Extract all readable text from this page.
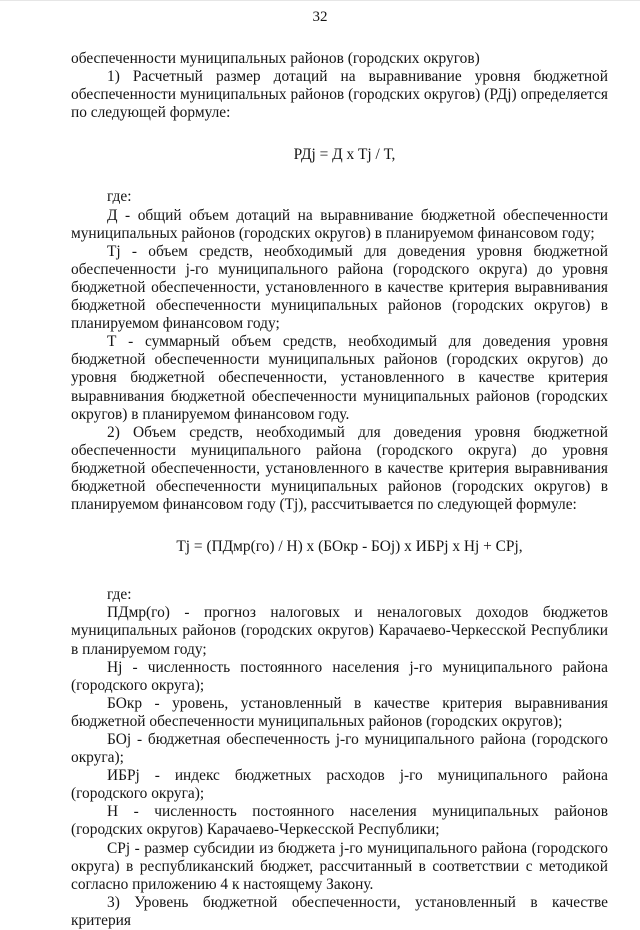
32

обеспеченности муниципальных районов (городских округов)

1) Расчетный размер дотаций на выравнивание уровня бюджетной обеспеченности муниципальных районов (городских округов) (РДj) определяется по следующей формуле:

РДj = Д х Тj / Т,

где:

Д - общий объем дотаций на выравнивание бюджетной обеспеченности муниципальных районов (городских округов) в планируемом финансовом году;

Тj - объем средств, необходимый для доведения уровня бюджетной обеспеченности j-го муниципального района (городского округа) до уровня бюджетной обеспеченности, установленного в качестве критерия выравнивания бюджетной обеспеченности муниципальных районов (городских округов) в планируемом финансовом году;

Т - суммарный объем средств, необходимый для доведения уровня бюджетной обеспеченности муниципальных районов (городских округов) до уровня бюджетной обеспеченности, установленного в качестве критерия выравнивания бюджетной обеспеченности муниципальных районов (городских округов) в планируемом финансовом году.

2) Объем средств, необходимый для доведения уровня бюджетной обеспеченности муниципального района (городского округа) до уровня бюджетной обеспеченности, установленного в качестве критерия выравнивания бюджетной обеспеченности муниципальных районов (городских округов) в планируемом финансовом году (Тj), рассчитывается по следующей формуле:

Тj = (ПДмр(го) / Н) х (БОкр - БОj) х ИБРj х Нj + СРj,

где:

ПДмр(го) - прогноз налоговых и неналоговых доходов бюджетов муниципальных районов (городских округов) Карачаево-Черкесской Республики в планируемом году;

Нj - численность постоянного населения j-го муниципального района (городского округа);

БОкр - уровень, установленный в качестве критерия выравнивания бюджетной обеспеченности муниципальных районов (городских округов);

БОj - бюджетная обеспеченность j-го муниципального района (городского округа);

ИБРj - индекс бюджетных расходов j-го муниципального района (городского округа);

Н - численность постоянного населения муниципальных районов (городских округов) Карачаево-Черкесской Республики;

СРj - размер субсидии из бюджета j-го муниципального района (городского округа) в республиканский бюджет, рассчитанный в соответствии с методикой согласно приложению 4 к настоящему Закону.

3) Уровень бюджетной обеспеченности, установленный в качестве критерия
